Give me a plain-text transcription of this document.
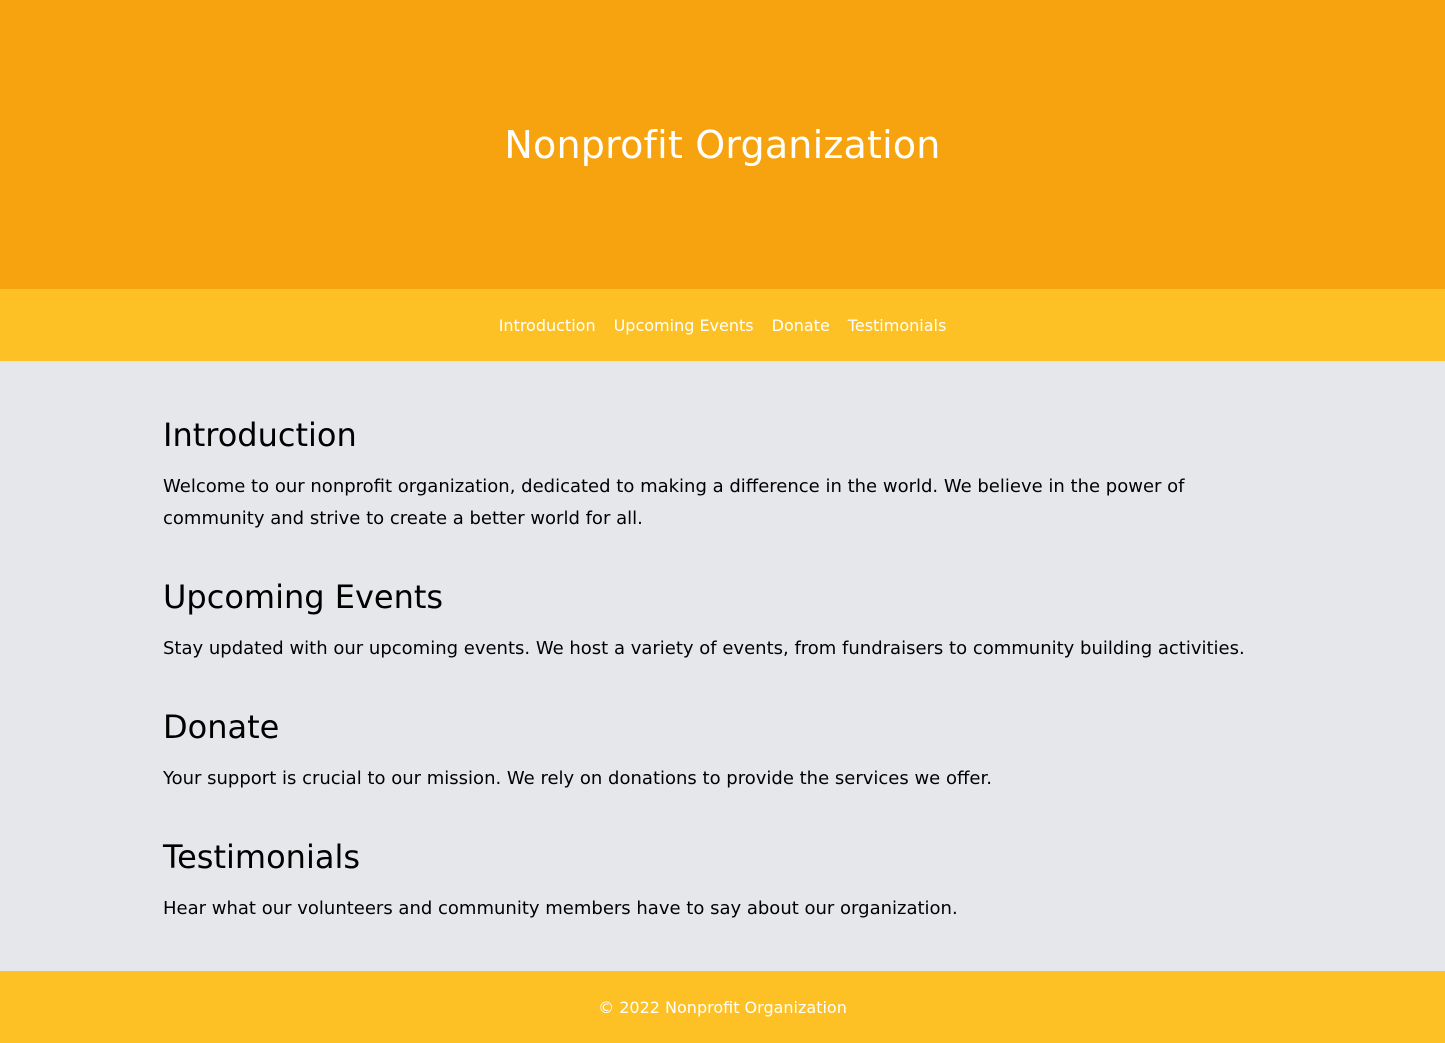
Nonprofit Organization
Introduction Upcoming Events Donate Testimonials
Introduction

Welcome to our nonprofit organization, dedicated to making a difference in the world. We believe in the power of community and strive to create a better world for all.

Upcoming Events

Stay updated with our upcoming events. We host a variety of events, from fundraisers to community building activities.

Donate

Your support is crucial to our mission. We rely on donations to provide the services we offer.

Testimonials

Hear what our volunteers and community members have to say about our organization.

© 2022 Nonprofit Organization
